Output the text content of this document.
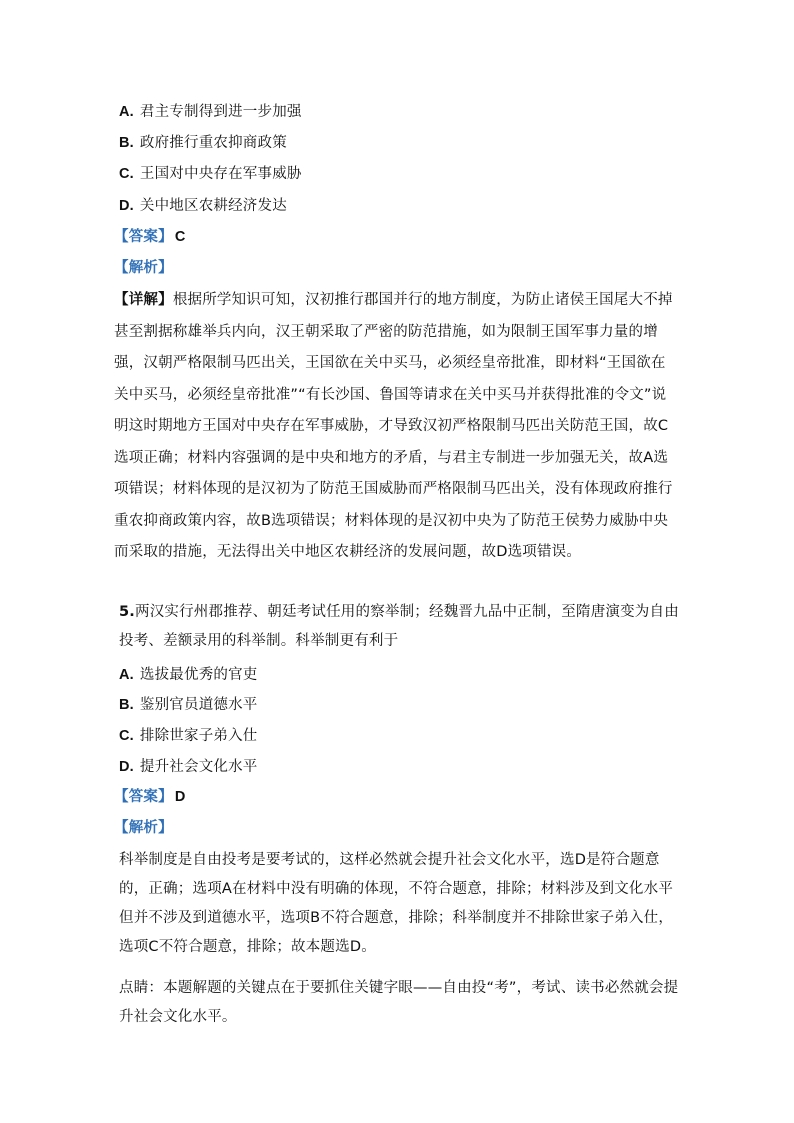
A. 君主专制得到进一步加强
B. 政府推行重农抑商政策
C. 王国对中央存在军事威胁
D. 关中地区农耕经济发达
【答案】 C
【解析】
【详解】根据所学知识可知，汉初推行郡国并行的地方制度，为防止诸侯王国尾大不掉甚至割据称雄举兵内向，汉王朝采取了严密的防范措施，如为限制王国军事力量的增强，汉朝严格限制马匹出关，王国欲在关中买马，必须经皇帝批准，即材料“王国欲在关中买马，必须经皇帝批准”“有长沙国、鲁国等请求在关中买马并获得批准的令文”说明这时期地方王国对中央存在军事威胁，才导致汉初严格限制马匹出关防范王国，故C选项正确；材料内容强调的是中央和地方的矛盾，与君主专制进一步加强无关，故A选项错误；材料体现的是汉初为了防范王国威胁而严格限制马匹出关，没有体现政府推行重农抑商政策内容，故B选项错误；材料体现的是汉初中央为了防范王侯势力威胁中央而采取的措施，无法得出关中地区农耕经济的发展问题，故D选项错误。
5.两汉实行州郡推荐、朝廷考试任用的察举制；经魏晋九品中正制，至隋唐演变为自由投考、差额录用的科举制。科举制更有利于
A. 选拔最优秀的官吏
B. 鉴别官员道德水平
C. 排除世家子弟入仕
D. 提升社会文化水平
【答案】 D
【解析】
科举制度是自由投考是要考试的，这样必然就会提升社会文化水平，选D是符合题意的，正确；选项A在材料中没有明确的体现，不符合题意，排除；材料涉及到文化水平但并不涉及到道德水平，选项B不符合题意，排除；科举制度并不排除世家子弟入仕，选项C不符合题意，排除；故本题选D。
点睛：本题解题的关键点在于要抓住关键字眼——自由投“考”，考试、读书必然就会提升社会文化水平。
